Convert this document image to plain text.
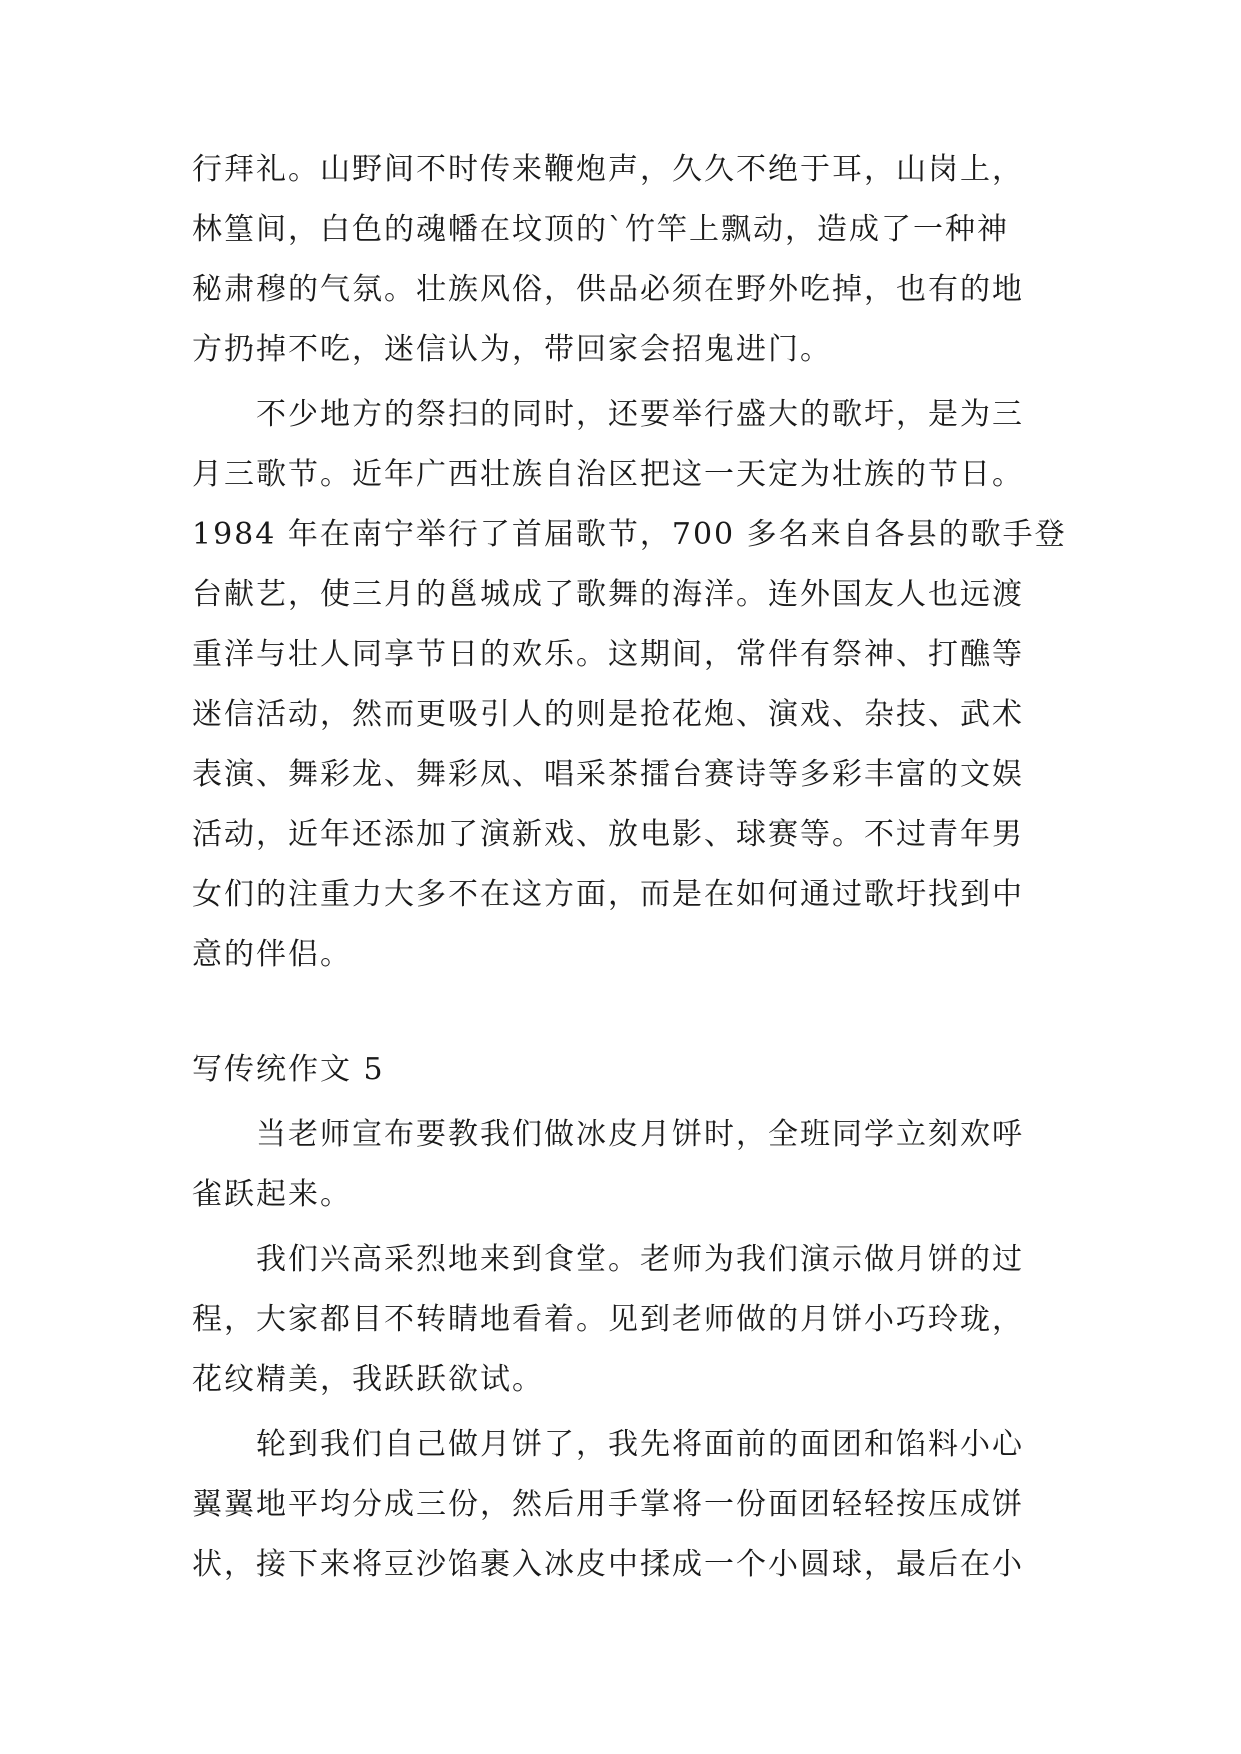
行拜礼。山野间不时传来鞭炮声，久久不绝于耳，山岗上，
林篁间，白色的魂幡在坟顶的`竹竿上飘动，造成了一种神
秘肃穆的气氛。壮族风俗，供品必须在野外吃掉，也有的地
方扔掉不吃，迷信认为，带回家会招鬼进门。
不少地方的祭扫的同时，还要举行盛大的歌圩，是为三
月三歌节。近年广西壮族自治区把这一天定为壮族的节日。
1984 年在南宁举行了首届歌节，700 多名来自各县的歌手登
台献艺，使三月的邕城成了歌舞的海洋。连外国友人也远渡
重洋与壮人同享节日的欢乐。这期间，常伴有祭神、打醮等
迷信活动，然而更吸引人的则是抢花炮、演戏、杂技、武术
表演、舞彩龙、舞彩凤、唱采茶擂台赛诗等多彩丰富的文娱
活动，近年还添加了演新戏、放电影、球赛等。不过青年男
女们的注重力大多不在这方面，而是在如何通过歌圩找到中
意的伴侣。
写传统作文 5
当老师宣布要教我们做冰皮月饼时，全班同学立刻欢呼
雀跃起来。
我们兴高采烈地来到食堂。老师为我们演示做月饼的过
程，大家都目不转睛地看着。见到老师做的月饼小巧玲珑，
花纹精美，我跃跃欲试。
轮到我们自己做月饼了，我先将面前的面团和馅料小心
翼翼地平均分成三份，然后用手掌将一份面团轻轻按压成饼
状，接下来将豆沙馅裹入冰皮中揉成一个小圆球，最后在小
